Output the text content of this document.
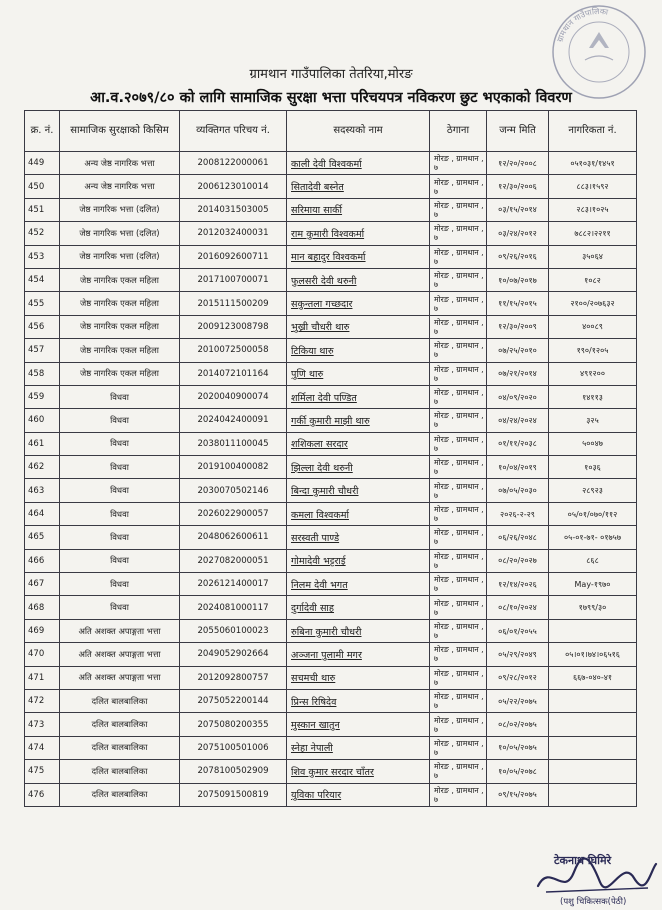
ग्रामथान गाउँपालिका
ग्रामथान गाउँपालिका तेतरिया,मोरङ
आ.व.२०७९/८० को लागि सामाजिक सुरक्षा भत्ता परिचयपत्र नविकरण छुट भएकाको विवरण
क्र. नं.	सामाजिक सुरक्षाको किसिम	व्यक्तिगत परिचय नं.	सदस्यको नाम	ठेगाना	जन्म मिति	नागरिकता नं.
449	अन्य जेष्ठ नागरिक भत्ता	2008122000061	काली देवी विश्वकर्मा	मोरङ , ग्रामथान , ७	१२/२०/२००८	०५१०३१/१४५१
450	अन्य जेष्ठ नागरिक भत्ता	2006123010014	सितादेवी बस्नेत	मोरङ , ग्रामथान , ७	१२/३०/२००६	८८३।१५९२
451	जेष्ठ नागरिक भत्ता (दलित)	2014031503005	सरिमाया सार्की	मोरङ , ग्रामथान , ७	०३/१५/२०१४	२८३।१०२५
452	जेष्ठ नागरिक भत्ता (दलित)	2012032400031	राम कुमारी विश्वकर्मा	मोरङ , ग्रामथान , ७	०३/२४/२०१२	७८८२।२२११
453	जेष्ठ नागरिक भत्ता (दलित)	2016092600711	मान बहादुर विश्वकर्मा	मोरङ , ग्रामथान , ७	०९/२६/२०१६	३५०६४
454	जेष्ठ नागरिक एकल महिला	2017100700071	फुलसरी देवी थरुनी	मोरङ , ग्रामथान , ७	१०/०७/२०१७	१०८२
455	जेष्ठ नागरिक एकल महिला	2015111500209	सकुन्तला गच्छदार	मोरङ , ग्रामथान , ७	११/१५/२०१५	२१००/२०७६३२
456	जेष्ठ नागरिक एकल महिला	2009123008798	भुख्री चौधरी थारु	मोरङ , ग्रामथान , ७	१२/३०/२००९	४००८९
457	जेष्ठ नागरिक एकल महिला	2010072500058	टिकिया थारु	मोरङ , ग्रामथान , ७	०७/२५/२०१०	१९०/१२०५
458	जेष्ठ नागरिक एकल महिला	2014072101164	पुणि थारु	मोरङ , ग्रामथान , ७	०७/२१/२०१४	४९१२००
459	विधवा	2020040900074	शर्मिला देवी पण्डित	मोरङ , ग्रामथान , ७	०४/०९/२०२०	१४११३
460	विधवा	2024042400091	गर्की कुमारी माझी थारु	मोरङ , ग्रामथान , ७	०४/२४/२०२४	३२५
461	विधवा	2038011100045	शशिकला सरदार	मोरङ , ग्रामथान , ७	०१/११/२०३८	५००४७
462	विधवा	2019100400082	झिल्ला देवी थरुनी	मोरङ , ग्रामथान , ७	१०/०४/२०१९	१०३६
463	विधवा	2030070502146	बिन्दा कुमारी चौधरी	मोरङ , ग्रामथान , ७	०७/०५/२०३०	२८९२३
464	विधवा	2026022900057	कमला विश्वकर्मा	मोरङ , ग्रामथान , ७	२०२६-२-२९	०५/०१/०७०/११२
465	विधवा	2048062600611	सरस्वती पाण्डे	मोरङ , ग्रामथान , ७	०६/२६/२०४८	०५-०१-७१- ०१७५७
466	विधवा	2027082000051	गोमादेवी भट्टराई	मोरङ , ग्रामथान , ७	०८/२०/२०२७	८६८
467	विधवा	2026121400017	निलम देवी भगत	मोरङ , ग्रामथान , ७	१२/१४/२०२६	May-१९७०
468	विधवा	2024081000117	दुर्गादेवी साह	मोरङ , ग्रामथान , ७	०८/१०/२०२४	१७९९/३०
469	अति अशक्त अपाङ्गता भत्ता	2055060100023	रुबिना कुमारी चौधरी	मोरङ , ग्रामथान , ७	०६/०१/२०५५	
470	अति अशक्त अपाङ्गता भत्ता	2049052902664	अञ्जना पुलामी मगर	मोरङ , ग्रामथान , ७	०५/२९/२०४९	०५।०१।७४।०६५१६
471	अति अशक्त अपाङ्गता भत्ता	2012092800757	सचमची थारु	मोरङ , ग्रामथान , ७	०९/२८/२०१२	६६७-०४०-४१
472	दलित बालबालिका	2075052200144	प्रिन्स रिषिदेव	मोरङ , ग्रामथान , ७	०५/२२/२०७५	
473	दलित बालबालिका	2075080200355	मुस्कान खातुन	मोरङ , ग्रामथान , ७	०८/०२/२०७५	
474	दलित बालबालिका	2075100501006	स्नेहा नेपाली	मोरङ , ग्रामथान , ७	१०/०५/२०७५	
475	दलित बालबालिका	2078100502909	शिव कुमार सरदार चाँतर	मोरङ , ग्रामथान , ७	१०/०५/२०७८	
476	दलित बालबालिका	2075091500819	युविका परियार	मोरङ , ग्रामथान , ७	०९/१५/२०७५	
टेकनाथ घिमिरे
(पशु चिकित्सक(पेठी)
